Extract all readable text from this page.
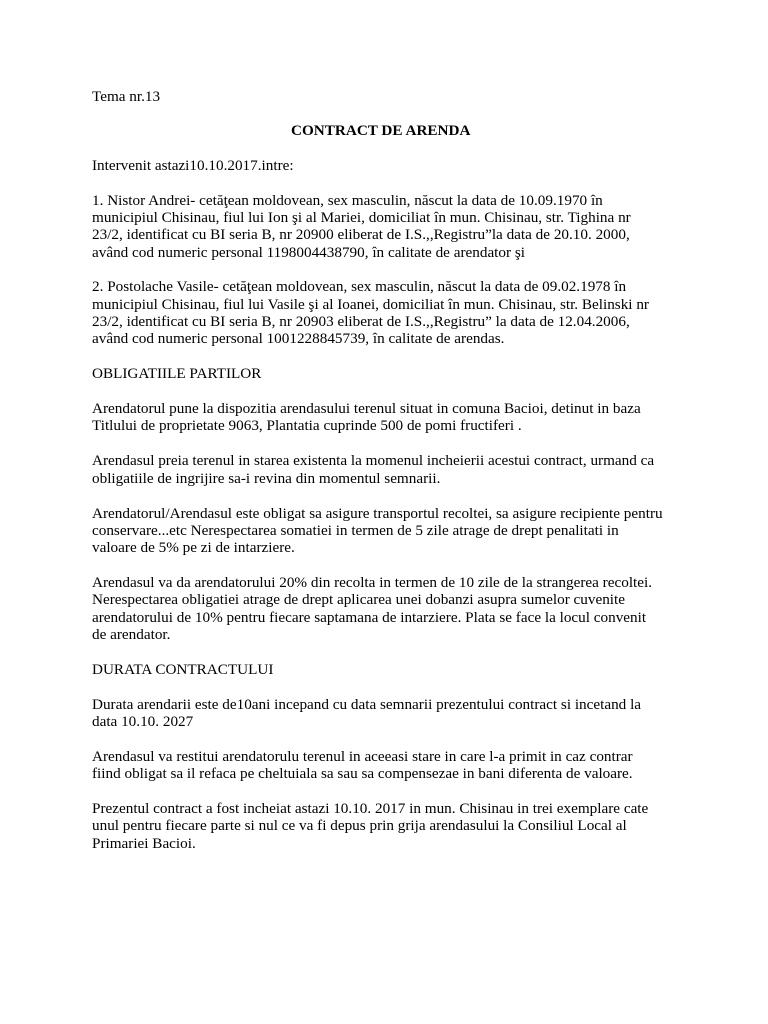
Tema nr.13

CONTRACT DE ARENDA

Intervenit astazi10.10.2017.intre:

1. Nistor Andrei- cetăţean moldovean, sex masculin, născut la data de 10.09.1970 în
municipiul Chisinau, fiul lui Ion şi al Mariei, domiciliat în mun. Chisinau, str. Tighina nr
23/2, identificat cu BI seria B, nr 20900 eliberat de I.S.,,Registru”la data de 20.10. 2000,
având cod numeric personal 1198004438790, în calitate de arendator şi

2. Postolache Vasile- cetăţean moldovean, sex masculin, născut la data de 09.02.1978 în
municipiul Chisinau, fiul lui Vasile şi al Ioanei, domiciliat în mun. Chisinau, str. Belinski nr
23/2, identificat cu BI seria B, nr 20903 eliberat de I.S.,,Registru” la data de 12.04.2006,
având cod numeric personal 1001228845739, în calitate de arendas.

OBLIGATIILE PARTILOR

Arendatorul pune la dispozitia arendasului terenul situat in comuna Bacioi, detinut in baza
Titlului de proprietate 9063, Plantatia cuprinde 500 de pomi fructiferi .

Arendasul preia terenul in starea existenta la momenul incheierii acestui contract, urmand ca
obligatiile de ingrijire sa-i revina din momentul semnarii.

Arendatorul/Arendasul este obligat sa asigure transportul recoltei, sa asigure recipiente pentru
conservare...etc Nerespectarea somatiei in termen de 5 zile atrage de drept penalitati in
valoare de 5% pe zi de intarziere.

Arendasul va da arendatorului 20% din recolta in termen de 10 zile de la strangerea recoltei.
Nerespectarea obligatiei atrage de drept aplicarea unei dobanzi asupra sumelor cuvenite
arendatorului de 10% pentru fiecare saptamana de intarziere. Plata se face la locul convenit
de arendator.

DURATA CONTRACTULUI

Durata arendarii este de10ani incepand cu data semnarii prezentului contract si incetand la
data 10.10. 2027

Arendasul va restitui arendatorulu terenul in aceeasi stare in care l-a primit in caz contrar
fiind obligat sa il refaca pe cheltuiala sa sau sa compensezae in bani diferenta de valoare.

Prezentul contract a fost incheiat astazi 10.10. 2017 in mun. Chisinau in trei exemplare cate
unul pentru fiecare parte si nul ce va fi depus prin grija arendasului la Consiliul Local al
Primariei Bacioi.
